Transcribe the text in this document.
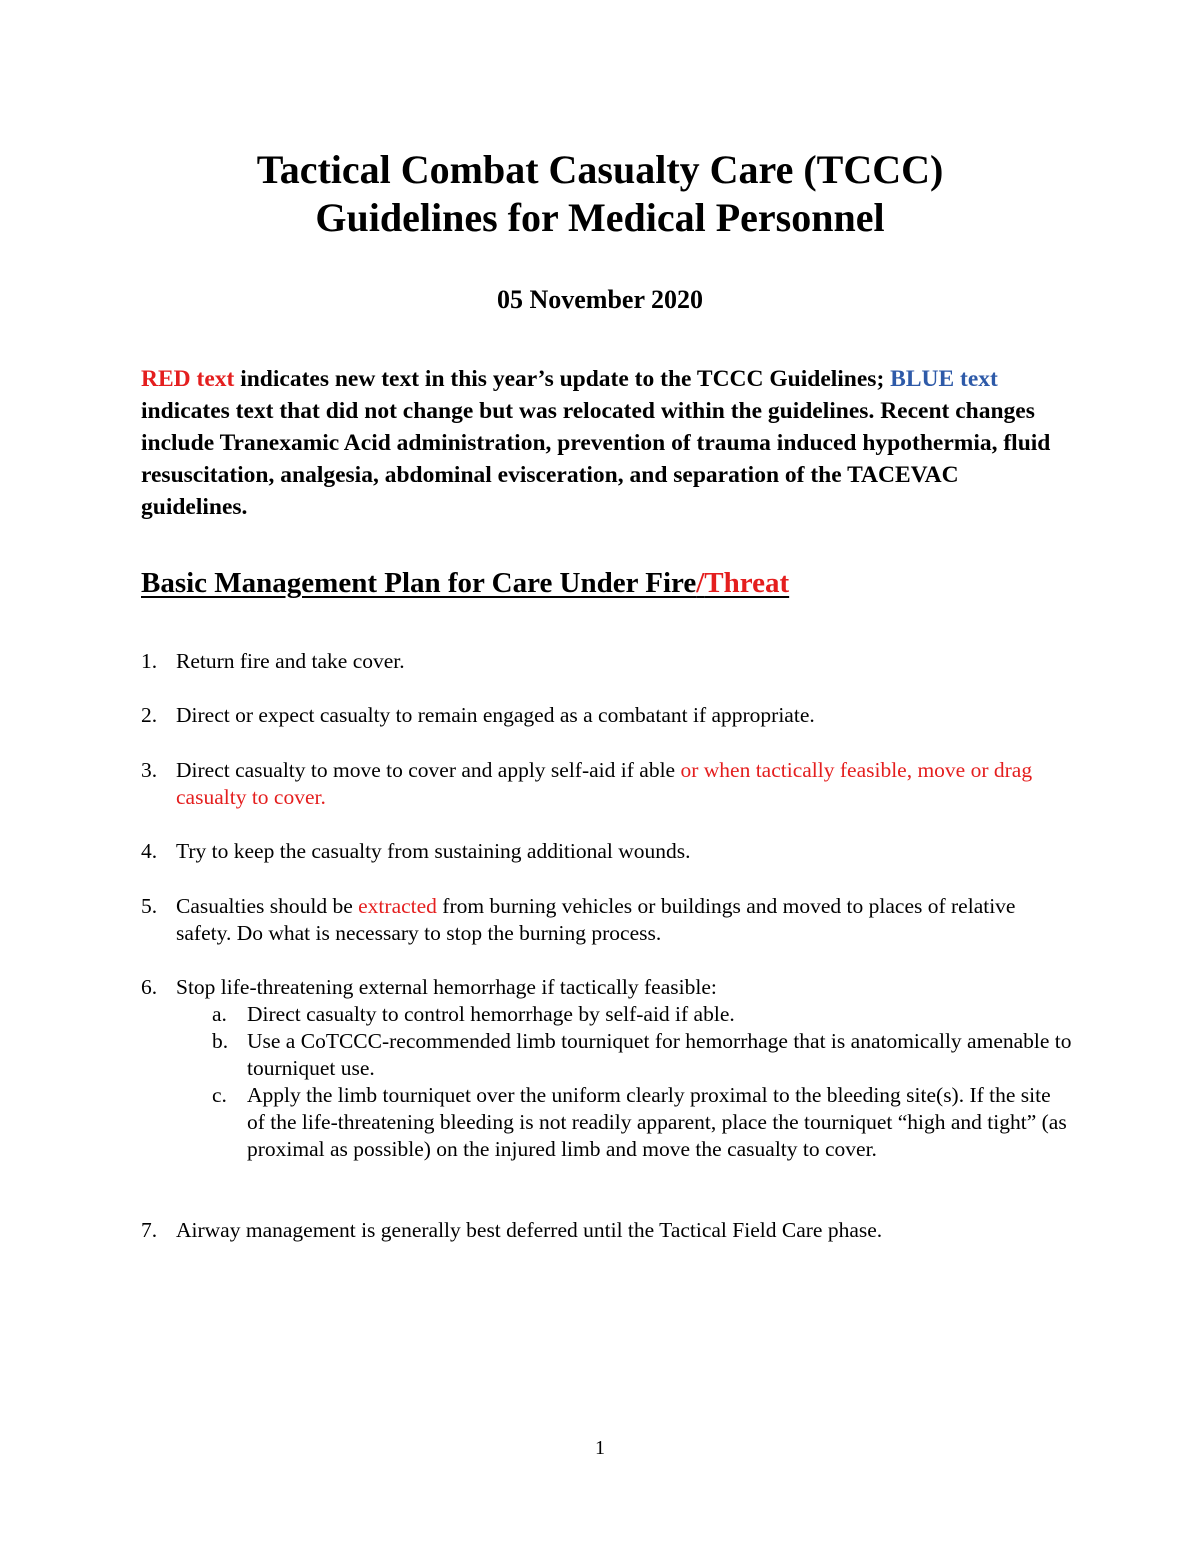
Tactical Combat Casualty Care (TCCC)
Guidelines for Medical Personnel

05 November 2020

RED text indicates new text in this year’s update to the TCCC Guidelines; BLUE text indicates text that did not change but was relocated within the guidelines. Recent changes include Tranexamic Acid administration, prevention of trauma induced hypothermia, fluid resuscitation, analgesia, abdominal evisceration, and separation of the TACEVAC guidelines.

Basic Management Plan for Care Under Fire/Threat
1. Return fire and take cover.
2. Direct or expect casualty to remain engaged as a combatant if appropriate.
3. Direct casualty to move to cover and apply self-aid if able or when tactically feasible, move or drag casualty to cover.
4. Try to keep the casualty from sustaining additional wounds.
5. Casualties should be extracted from burning vehicles or buildings and moved to places of relative safety. Do what is necessary to stop the burning process.
6. Stop life-threatening external hemorrhage if tactically feasible:
a. Direct casualty to control hemorrhage by self-aid if able.
b. Use a CoTCCC-recommended limb tourniquet for hemorrhage that is anatomically amenable to tourniquet use.
c. Apply the limb tourniquet over the uniform clearly proximal to the bleeding site(s). If the site of the life-threatening bleeding is not readily apparent, place the tourniquet “high and tight” (as proximal as possible) on the injured limb and move the casualty to cover.
7. Airway management is generally best deferred until the Tactical Field Care phase.

1
